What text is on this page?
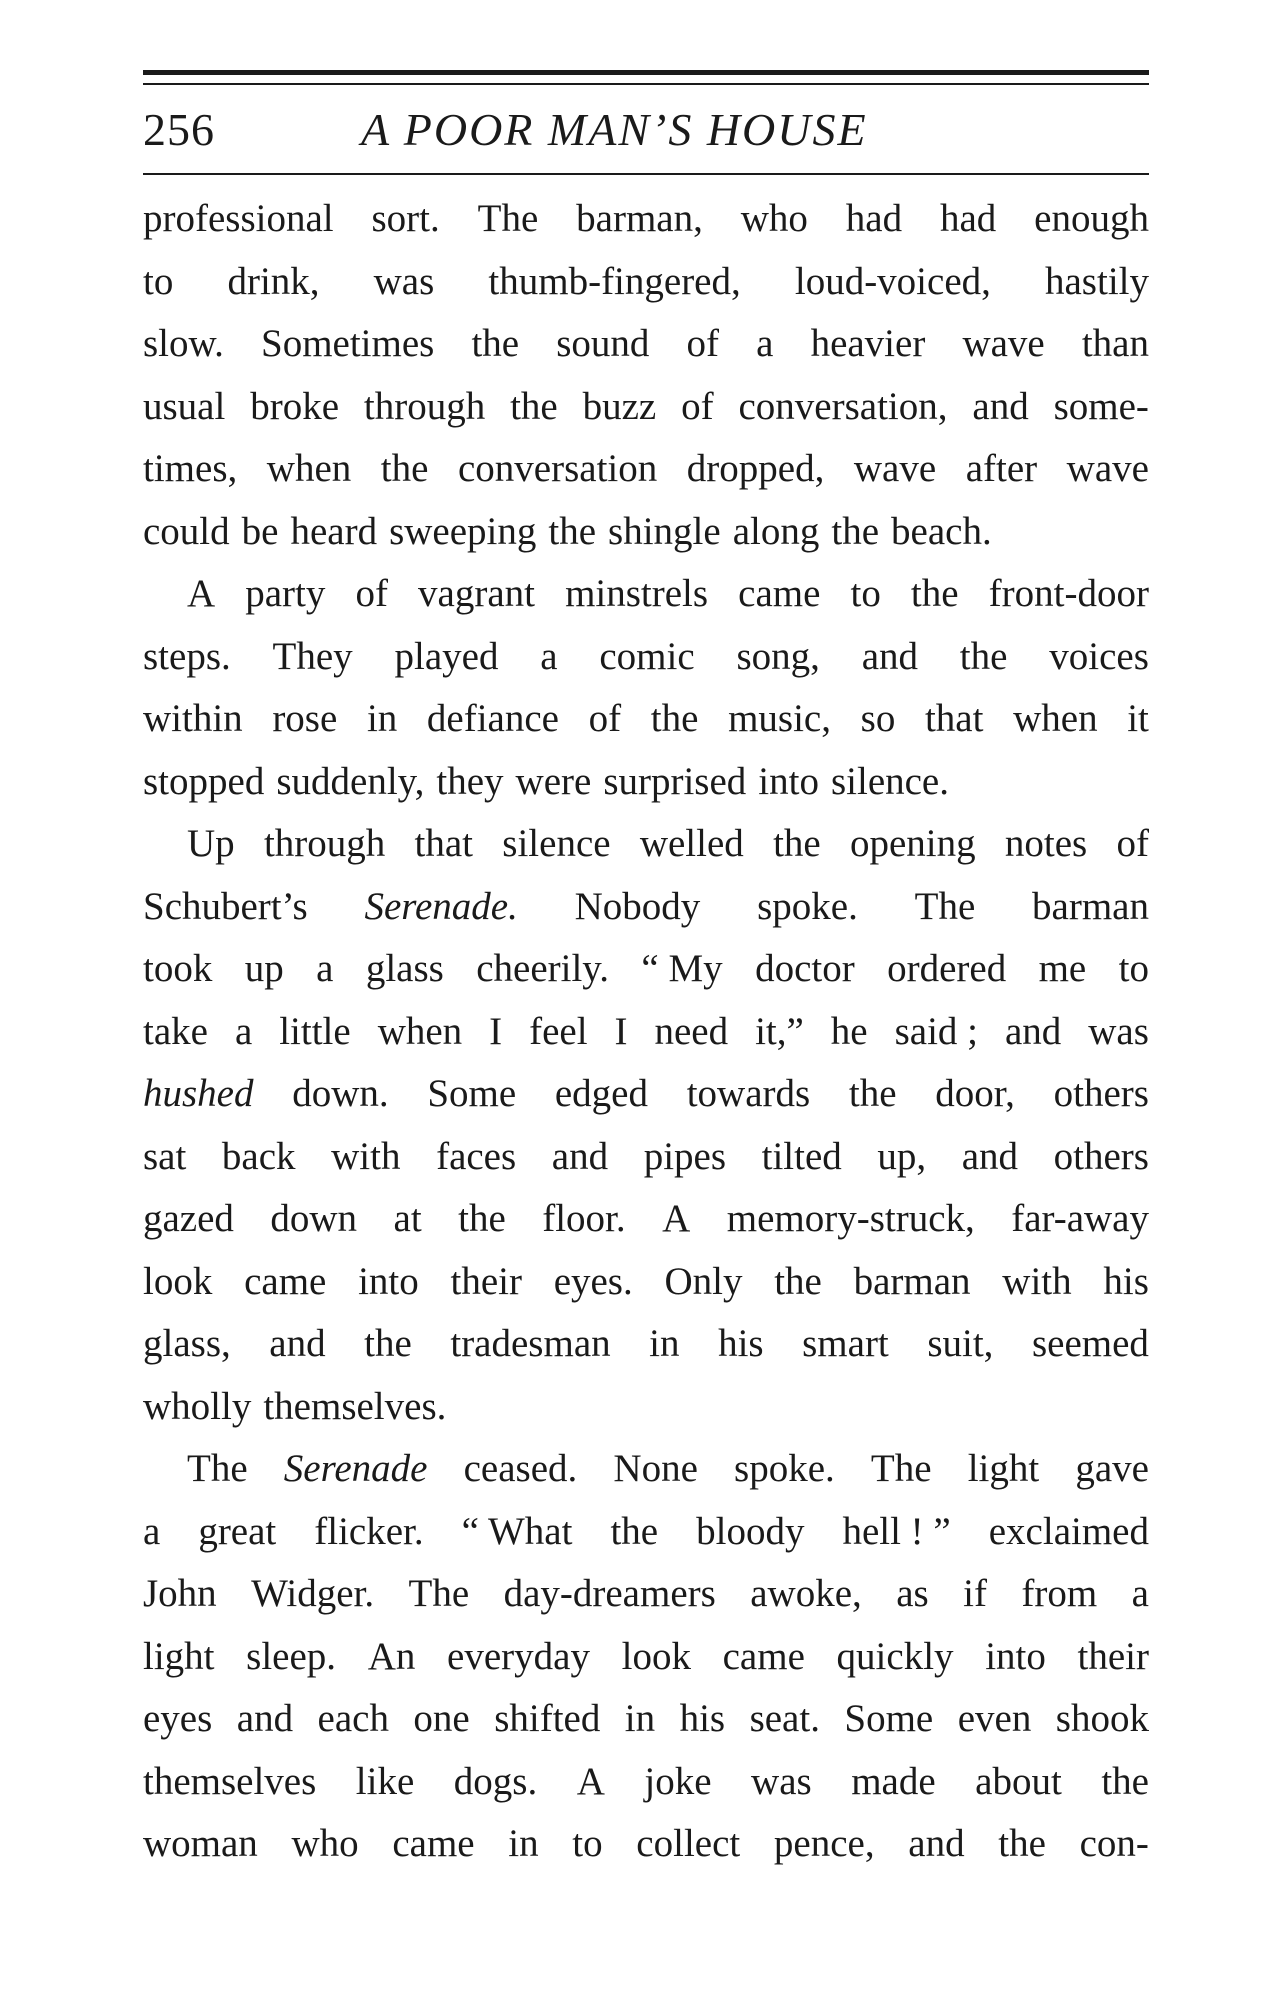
256	A POOR MAN’S HOUSE
professional sort. The barman, who had had enough
to drink, was thumb-fingered, loud-voiced, hastily
slow. Sometimes the sound of a heavier wave than
usual broke through the buzz of conversation, and some-
times, when the conversation dropped, wave after wave
could be heard sweeping the shingle along the beach.
A party of vagrant minstrels came to the front-door
steps. They played a comic song, and the voices
within rose in defiance of the music, so that when it
stopped suddenly, they were surprised into silence.
Up through that silence welled the opening notes of
Schubert’s Serenade. Nobody spoke. The barman
took up a glass cheerily. “ My doctor ordered me to
take a little when I feel I need it,” he said ; and was
hushed down. Some edged towards the door, others
sat back with faces and pipes tilted up, and others
gazed down at the floor. A memory-struck, far-away
look came into their eyes. Only the barman with his
glass, and the tradesman in his smart suit, seemed
wholly themselves.
The Serenade ceased. None spoke. The light gave
a great flicker. “ What the bloody hell ! ” exclaimed
John Widger. The day-dreamers awoke, as if from a
light sleep. An everyday look came quickly into their
eyes and each one shifted in his seat. Some even shook
themselves like dogs. A joke was made about the
woman who came in to collect pence, and the con-
